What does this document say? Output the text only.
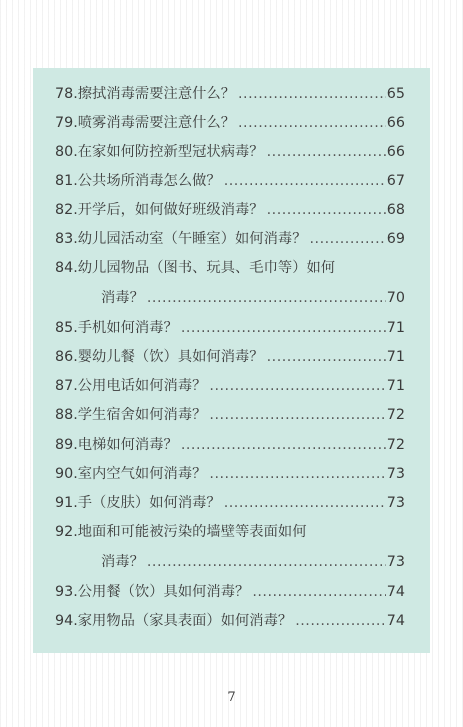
78. 擦拭消毒需要注意什么？ .....	65
79. 喷雾消毒需要注意什么？ .....	66
80. 在家如何防控新型冠状病毒？ .....	66
81. 公共场所消毒怎么做？ .....	67
82. 开学后，如何做好班级消毒？ .....	68
83. 幼儿园活动室（午睡室）如何消毒？ .....	69
84. 幼儿园物品（图书、玩具、毛巾等）如何
消毒？ .....	70
85. 手机如何消毒？ .....	71
86. 婴幼儿餐（饮）具如何消毒？ .....	71
87. 公用电话如何消毒？ .....	71
88. 学生宿舍如何消毒？ .....	72
89. 电梯如何消毒？ .....	72
90. 室内空气如何消毒？ .....	73
91. 手（皮肤）如何消毒？ .....	73
92. 地面和可能被污染的墙壁等表面如何
消毒？ .....	73
93. 公用餐（饮）具如何消毒？ .....	74
94. 家用物品（家具表面）如何消毒？ .....	74
7
